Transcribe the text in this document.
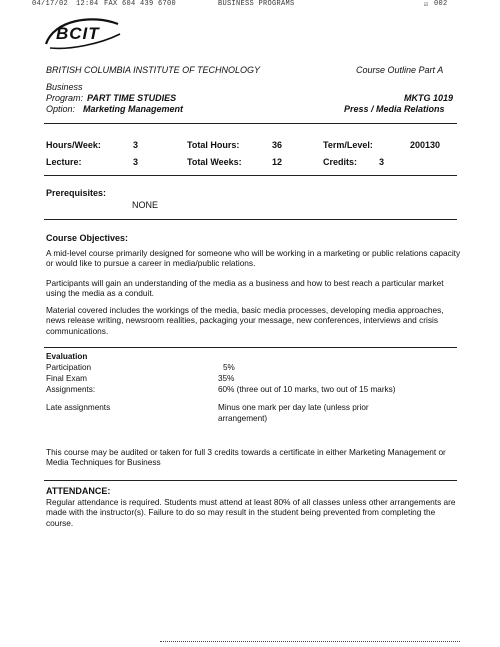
04/17/02 12:04 FAX 604 439 6700	BUSINESS PROGRAMS	☑ 002
BCIT
BRITISH COLUMBIA INSTITUTE OF TECHNOLOGY	Course Outline Part A
Business
Program: PART TIME STUDIES
Option: Marketing Management
MKTG 1019
Press / Media Relations
Hours/Week:	3	Total Hours:	36	Term/Level:	200130
Lecture:	3	Total Weeks:	12	Credits: 3
Prerequisites:
NONE
Course Objectives:

A mid-level course primarily designed for someone who will be working in a marketing or public relations capacity or would like to pursue a career in media/public relations.

Participants will gain an understanding of the media as a business and how to best reach a particular market using the media as a conduit.

Material covered includes the workings of the media, basic media processes, developing media approaches, news release writing, newsroom realities, packaging your message, new conferences, interviews and crisis communications.

Evaluation
Participation	5%
Final Exam	35%
Assignments:	60% (three out of 10 marks, two out of 15 marks)
Late assignments	Minus one mark per day late (unless prior
arrangement)

This course may be audited or taken for full 3 credits towards a certificate in either Marketing Management or Media Techniques for Business

ATTENDANCE:

Regular attendance is required. Students must attend at least 80% of all classes unless other arrangements are made with the instructor(s). Failure to do so may result in the student being prevented from completing the course.
